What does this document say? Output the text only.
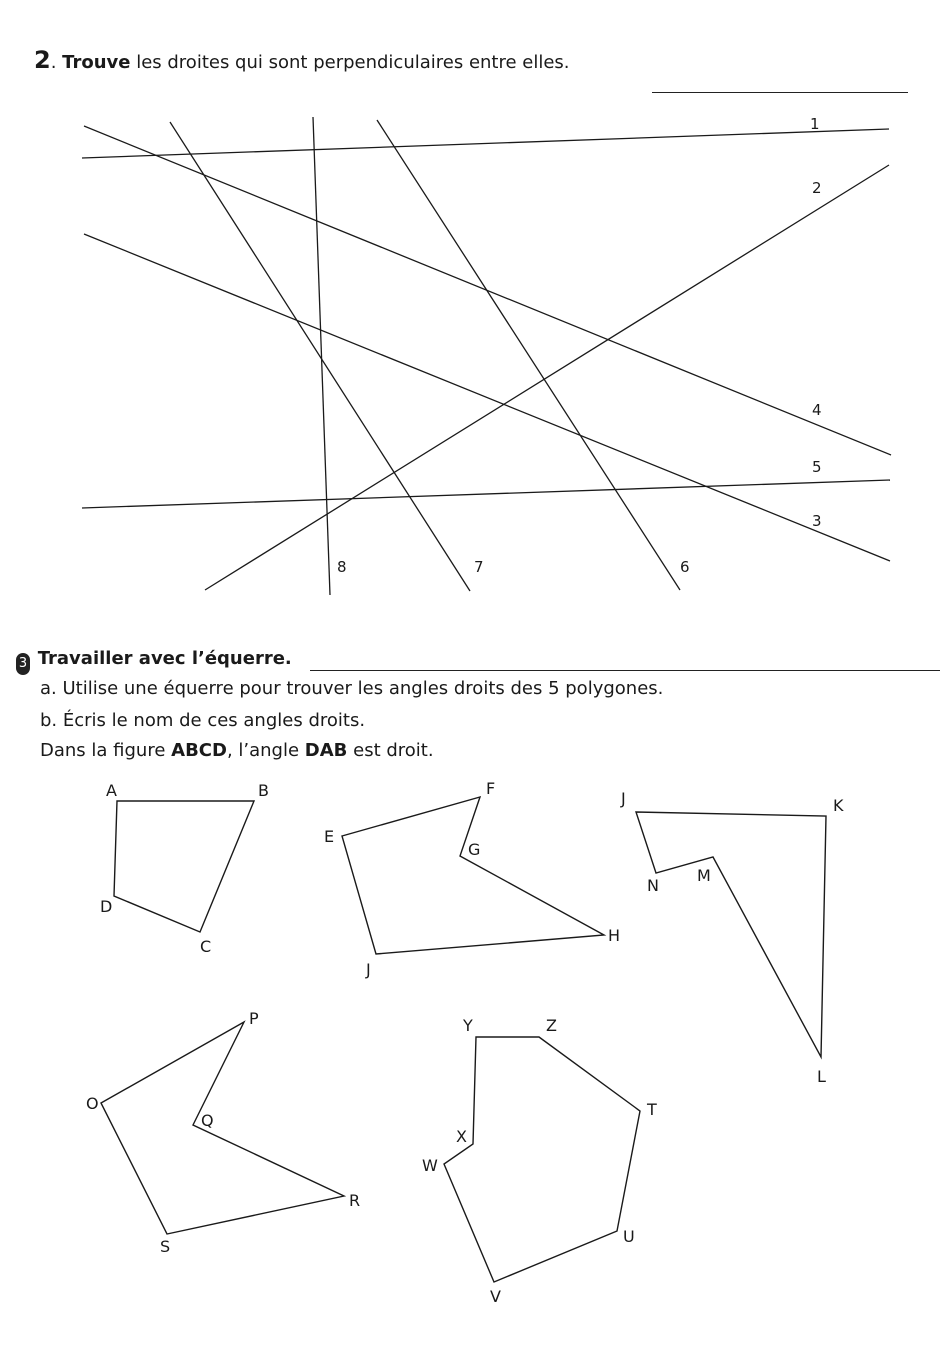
2. Trouve les droites qui sont perpendiculaires entre elles.
1
2
3
4
5
6
7
8
3 Travailler avec l’équerre.
a. Utilise une équerre pour trouver les angles droits des 5 polygones.
b. Écris le nom de ces angles droits.
Dans la figure ABCD, l’angle DAB est droit.
A	B
C
D
E
F
G
H
J
J	K
L
M
N
O
P
Q
R
S
Y	Z
T
U
V
W
X
